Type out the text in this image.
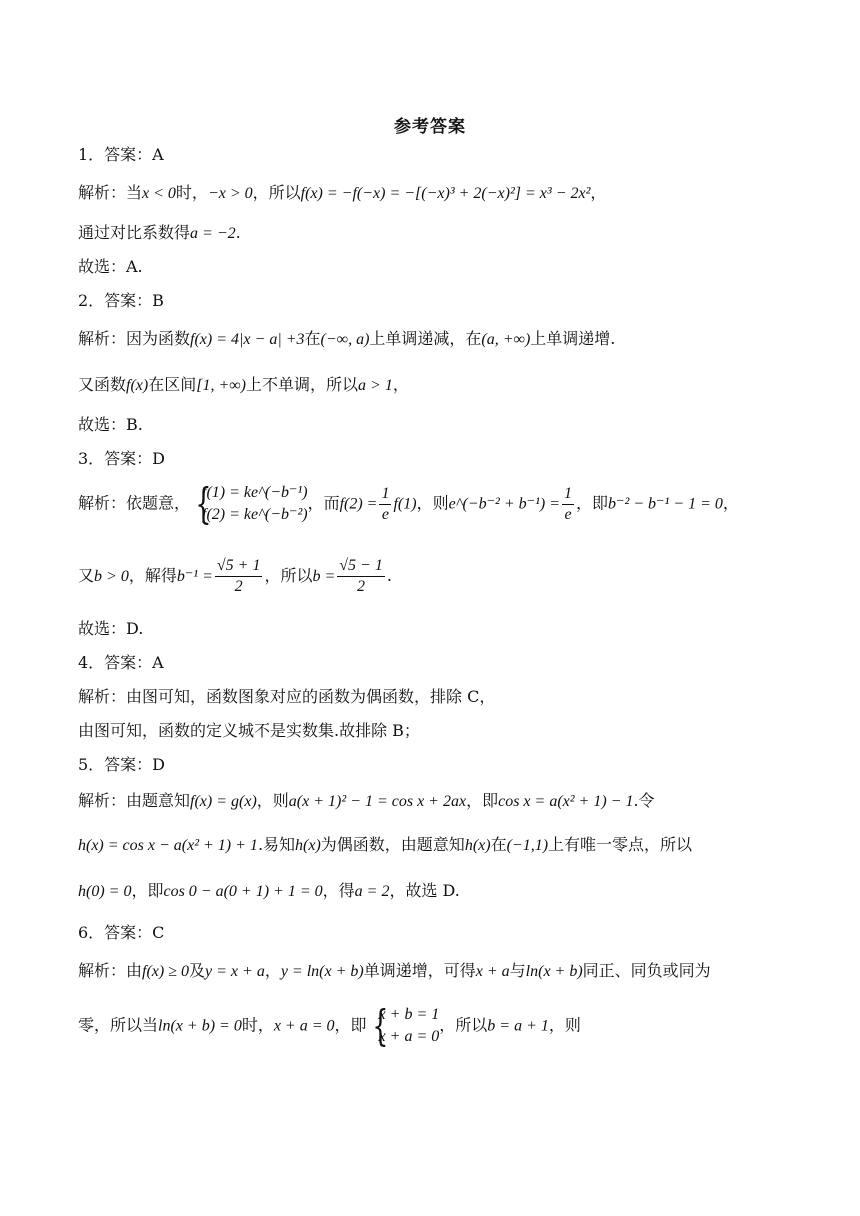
参考答案
1．答案：A
解析：当x < 0时，−x > 0，所以f(x) = −f(−x) = −[(−x)³ + 2(−x)²] = x³ − 2x²，
通过对比系数得a = −2.
故选：A.
2．答案：B
解析：因为函数f(x) = 4|x − a| +3在(−∞, a)上单调递减，在(a, +∞)上单调递增.
又函数f(x)在区间[1, +∞)上不单调，所以a > 1，
故选：B.
3．答案：D
解析：依题意， {
f(1) = ke^(−b⁻¹)
f(2) = ke^(−b⁻²)
，而$f(2) = \frac{1}{e} f(1)$，则e^(−b⁻² + $b^{-1}) = \frac{1}{e}$ ，即b⁻² − b⁻¹ − 1 = 0，
又b > 0，解得$b^{-1} = \frac{√5 + 1}{2}$ ，所以$b = \frac{√5 - 1}{2}$ .
故选：D.
4．答案：A
解析：由图可知，函数图象对应的函数为偶函数，排除 C，
由图可知，函数的定义城不是实数集.故排除 B；
5．答案：D
解析：由题意知f(x) = g(x)，则a(x + 1)² − 1 = cos x + 2ax，即cos x = a(x² + 1) − 1.令
h(x) = cos x − a(x² + 1) + 1.易知h(x)为偶函数，由题意知h(x)在(−1,1)上有唯一零点，所以
h(0) = 0，即cos 0 − a(0 + 1) + 1 = 0，得a = 2，故选 D.
6．答案：C
解析：由f(x) ≥ 0及y = x + a，y = ln(x + b)单调递增，可得x + a与ln(x + b)同正、同负或同为
零，所以当ln(x + b) = 0时，x + a = 0，即 {
x + b = 1
x + a = 0
，所以b = a + 1，则
